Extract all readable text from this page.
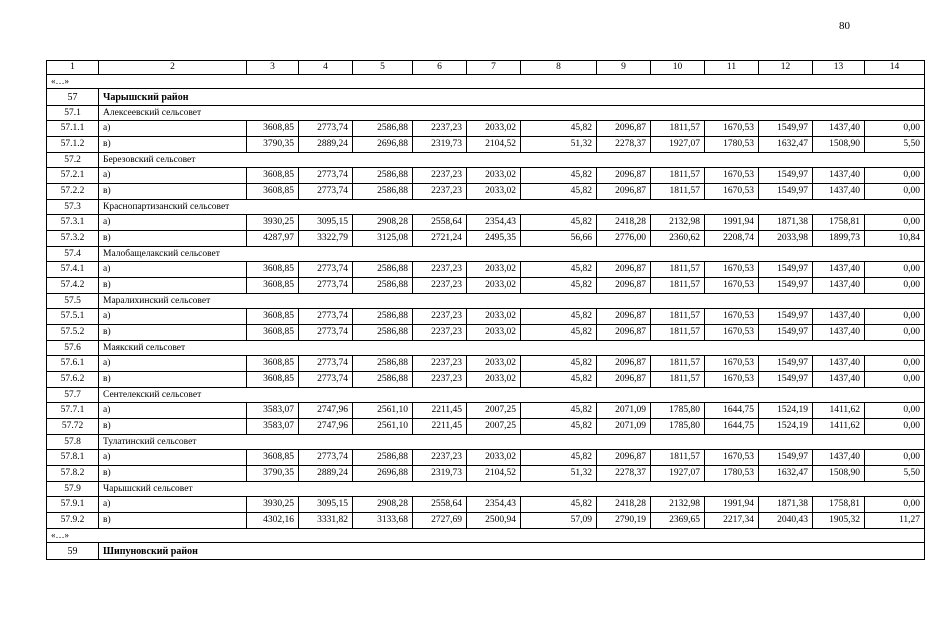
80
1	2	3	4	5	6	7	8	9	10	11	12	13	14
«…»													
57	Чарышский район												
57.1	Алексеевский сельсовет												
57.1.1	а)	3608,85	2773,74	2586,88	2237,23	2033,02	45,82	2096,87	1811,57	1670,53	1549,97	1437,40	0,00
57.1.2	в)	3790,35	2889,24	2696,88	2319,73	2104,52	51,32	2278,37	1927,07	1780,53	1632,47	1508,90	5,50
57.2	Березовский сельсовет												
57.2.1	а)	3608,85	2773,74	2586,88	2237,23	2033,02	45,82	2096,87	1811,57	1670,53	1549,97	1437,40	0,00
57.2.2	в)	3608,85	2773,74	2586,88	2237,23	2033,02	45,82	2096,87	1811,57	1670,53	1549,97	1437,40	0,00
57.3	Краснопартизанский сельсовет												
57.3.1	а)	3930,25	3095,15	2908,28	2558,64	2354,43	45,82	2418,28	2132,98	1991,94	1871,38	1758,81	0,00
57.3.2	в)	4287,97	3322,79	3125,08	2721,24	2495,35	56,66	2776,00	2360,62	2208,74	2033,98	1899,73	10,84
57.4	Малобащелакский сельсовет												
57.4.1	а)	3608,85	2773,74	2586,88	2237,23	2033,02	45,82	2096,87	1811,57	1670,53	1549,97	1437,40	0,00
57.4.2	в)	3608,85	2773,74	2586,88	2237,23	2033,02	45,82	2096,87	1811,57	1670,53	1549,97	1437,40	0,00
57.5	Маралихинский сельсовет												
57.5.1	а)	3608,85	2773,74	2586,88	2237,23	2033,02	45,82	2096,87	1811,57	1670,53	1549,97	1437,40	0,00
57.5.2	в)	3608,85	2773,74	2586,88	2237,23	2033,02	45,82	2096,87	1811,57	1670,53	1549,97	1437,40	0,00
57.6	Маякский сельсовет												
57.6.1	а)	3608,85	2773,74	2586,88	2237,23	2033,02	45,82	2096,87	1811,57	1670,53	1549,97	1437,40	0,00
57.6.2	в)	3608,85	2773,74	2586,88	2237,23	2033,02	45,82	2096,87	1811,57	1670,53	1549,97	1437,40	0,00
57.7	Сентелекский сельсовет												
57.7.1	а)	3583,07	2747,96	2561,10	2211,45	2007,25	45,82	2071,09	1785,80	1644,75	1524,19	1411,62	0,00
57.72	в)	3583,07	2747,96	2561,10	2211,45	2007,25	45,82	2071,09	1785,80	1644,75	1524,19	1411,62	0,00
57.8	Тулатинский сельсовет												
57.8.1	а)	3608,85	2773,74	2586,88	2237,23	2033,02	45,82	2096,87	1811,57	1670,53	1549,97	1437,40	0,00
57.8.2	в)	3790,35	2889,24	2696,88	2319,73	2104,52	51,32	2278,37	1927,07	1780,53	1632,47	1508,90	5,50
57.9	Чарышский сельсовет												
57.9.1	а)	3930,25	3095,15	2908,28	2558,64	2354,43	45,82	2418,28	2132,98	1991,94	1871,38	1758,81	0,00
57.9.2	в)	4302,16	3331,82	3133,68	2727,69	2500,94	57,09	2790,19	2369,65	2217,34	2040,43	1905,32	11,27
«…»													
59	Шипуновский район												
